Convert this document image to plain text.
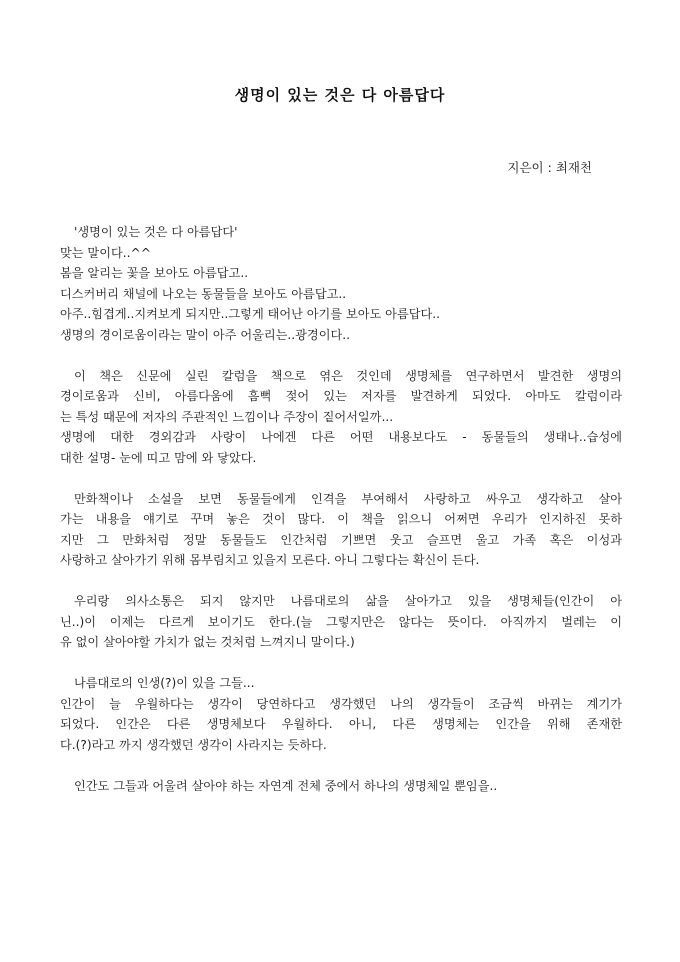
생명이 있는 것은 다 아름답다
지은이 : 최재천
'생명이 있는 것은 다 아름답다'
맞는 말이다..^^
봄을 알리는 꽃을 보아도 아름답고..
디스커버리 채널에 나오는 동물들을 보아도 아름답고..
아주..힘겹게..지켜보게 되지만..그렇게 태어난 아기를 보아도 아름답다..
생명의 경이로움이라는 말이 아주 어울리는..광경이다..
이 책은 신문에 실린 칼럼을 책으로 엮은 것인데 생명체를 연구하면서 발견한 생명의
경이로움과 신비, 아름다움에 흠뻑 젖어 있는 저자를 발견하게 되었다. 아마도 칼럼이라
는 특성 때문에 저자의 주관적인 느낌이나 주장이 짙어서일까...
생명에 대한 경외감과 사랑이 나에겐 다른 어떤 내용보다도 - 동물들의 생태나..습성에
대한 설명- 눈에 띠고 맘에 와 닿았다.
만화책이나 소설을 보면 동물들에게 인격을 부여해서 사랑하고 싸우고 생각하고 살아
가는 내용을 얘기로 꾸며 놓은 것이 많다. 이 책을 읽으니 어쩌면 우리가 인지하진 못하
지만 그 만화처럼 정말 동물들도 인간처럼 기쁘면 웃고 슬프면 울고 가족 혹은 이성과
사랑하고 살아가기 위해 몸부림치고 있을지 모른다. 아니 그렇다는 확신이 든다.
우리랑 의사소통은 되지 않지만 나름대로의 삶을 살아가고 있을 생명체들(인간이 아
닌..)이 이제는 다르게 보이기도 한다.(늘 그렇지만은 않다는 뜻이다. 아직까지 벌레는 이
유 없이 살아야할 가치가 없는 것처럼 느껴지니 말이다.)
나름대로의 인생(?)이 있을 그들...
인간이 늘 우월하다는 생각이 당연하다고 생각했던 나의 생각들이 조금씩 바뀌는 계기가
되었다. 인간은 다른 생명체보다 우월하다. 아니, 다른 생명체는 인간을 위해 존재한
다.(?)라고 까지 생각했던 생각이 사라지는 듯하다.
인간도 그들과 어울려 살아야 하는 자연계 전체 중에서 하나의 생명체일 뿐임을..
